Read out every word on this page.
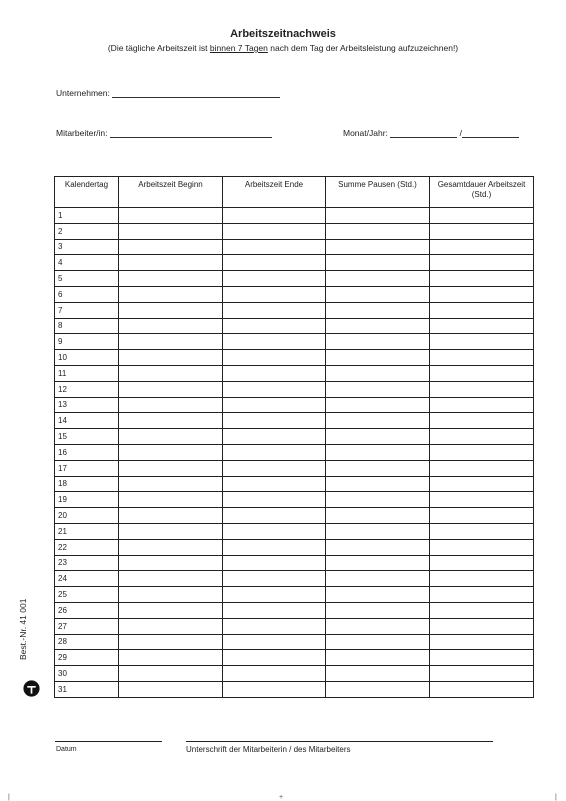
Arbeitszeitnachweis
(Die tägliche Arbeitszeit ist binnen 7 Tagen nach dem Tag der Arbeitsleistung aufzuzeichnen!)
Unternehmen:
Mitarbeiter/in:	Monat/Jahr:	/
Kalendertag	Arbeitszeit Beginn	Arbeitszeit Ende	Summe Pausen (Std.)	Gesamtdauer Arbeitszeit (Std.)
1				
2				
3				
4				
5				
6				
7				
8				
9				
10				
11				
12				
13				
14				
15				
16				
17				
18				
19				
20				
21				
22				
23				
24				
25				
26				
27				
28				
29				
30				
31				
Datum	Unterschrift der Mitarbeiterin / des Mitarbeiters
Best.-Nr. 41 001
|	+	|
